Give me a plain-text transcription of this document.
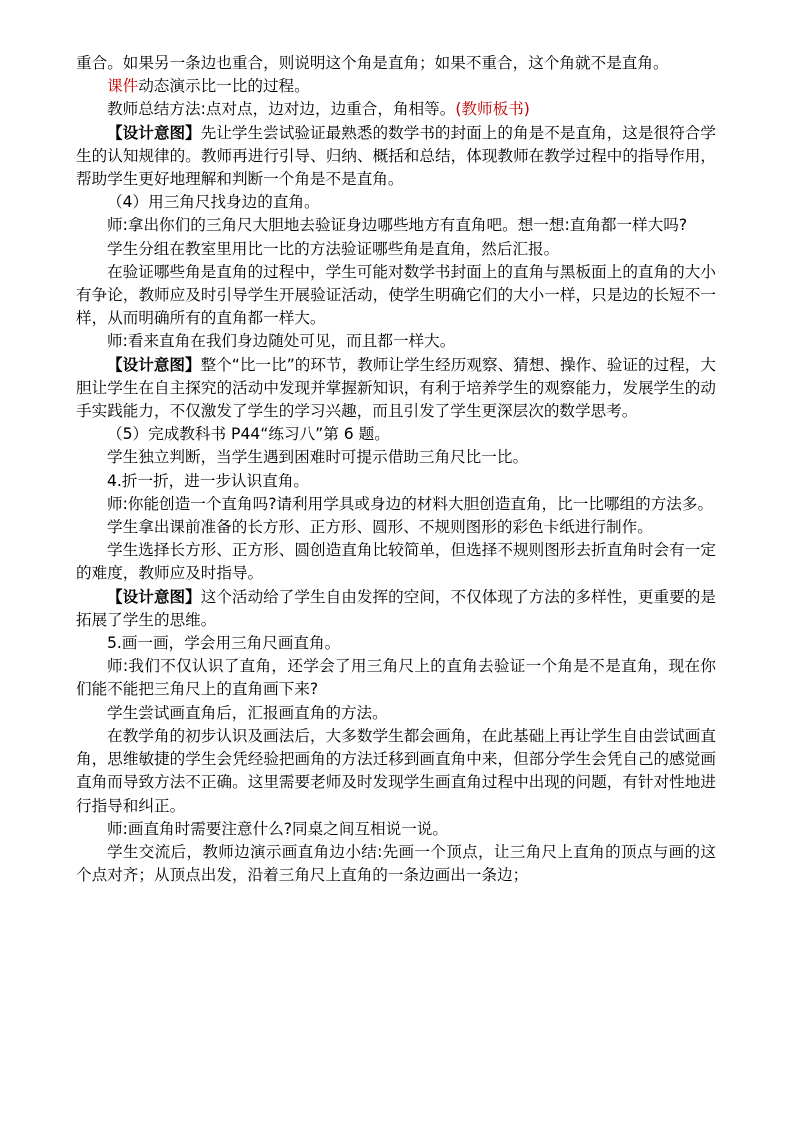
重合。如果另一条边也重合，则说明这个角是直角；如果不重合，这个角就不是直角。

课件动态演示比一比的过程。

教师总结方法:点对点，边对边，边重合，角相等。(教师板书)

【设计意图】先让学生尝试验证最熟悉的数学书的封面上的角是不是直角，这是很符合学生的认知规律的。教师再进行引导、归纳、概括和总结，体现教师在教学过程中的指导作用，帮助学生更好地理解和判断一个角是不是直角。

（4）用三角尺找身边的直角。

师:拿出你们的三角尺大胆地去验证身边哪些地方有直角吧。想一想:直角都一样大吗?

学生分组在教室里用比一比的方法验证哪些角是直角，然后汇报。

在验证哪些角是直角的过程中，学生可能对数学书封面上的直角与黑板面上的直角的大小有争论，教师应及时引导学生开展验证活动，使学生明确它们的大小一样，只是边的长短不一样，从而明确所有的直角都一样大。

师:看来直角在我们身边随处可见，而且都一样大。

【设计意图】整个“比一比”的环节，教师让学生经历观察、猜想、操作、验证的过程，大胆让学生在自主探究的活动中发现并掌握新知识，有利于培养学生的观察能力，发展学生的动手实践能力，不仅激发了学生的学习兴趣，而且引发了学生更深层次的数学思考。

（5）完成教科书 P44“练习八”第 6 题。

学生独立判断，当学生遇到困难时可提示借助三角尺比一比。

4.折一折，进一步认识直角。

师:你能创造一个直角吗?请利用学具或身边的材料大胆创造直角，比一比哪组的方法多。

学生拿出课前准备的长方形、正方形、圆形、不规则图形的彩色卡纸进行制作。

学生选择长方形、正方形、圆创造直角比较简单，但选择不规则图形去折直角时会有一定的难度，教师应及时指导。

【设计意图】这个活动给了学生自由发挥的空间，不仅体现了方法的多样性，更重要的是拓展了学生的思维。

5.画一画，学会用三角尺画直角。

师:我们不仅认识了直角，还学会了用三角尺上的直角去验证一个角是不是直角，现在你们能不能把三角尺上的直角画下来?

学生尝试画直角后，汇报画直角的方法。

在教学角的初步认识及画法后，大多数学生都会画角，在此基础上再让学生自由尝试画直角，思维敏捷的学生会凭经验把画角的方法迁移到画直角中来，但部分学生会凭自己的感觉画直角而导致方法不正确。这里需要老师及时发现学生画直角过程中出现的问题，有针对性地进行指导和纠正。

师:画直角时需要注意什么?同桌之间互相说一说。

学生交流后，教师边演示画直角边小结:先画一个顶点，让三角尺上直角的顶点与画的这个点对齐；从顶点出发，沿着三角尺上直角的一条边画出一条边；
